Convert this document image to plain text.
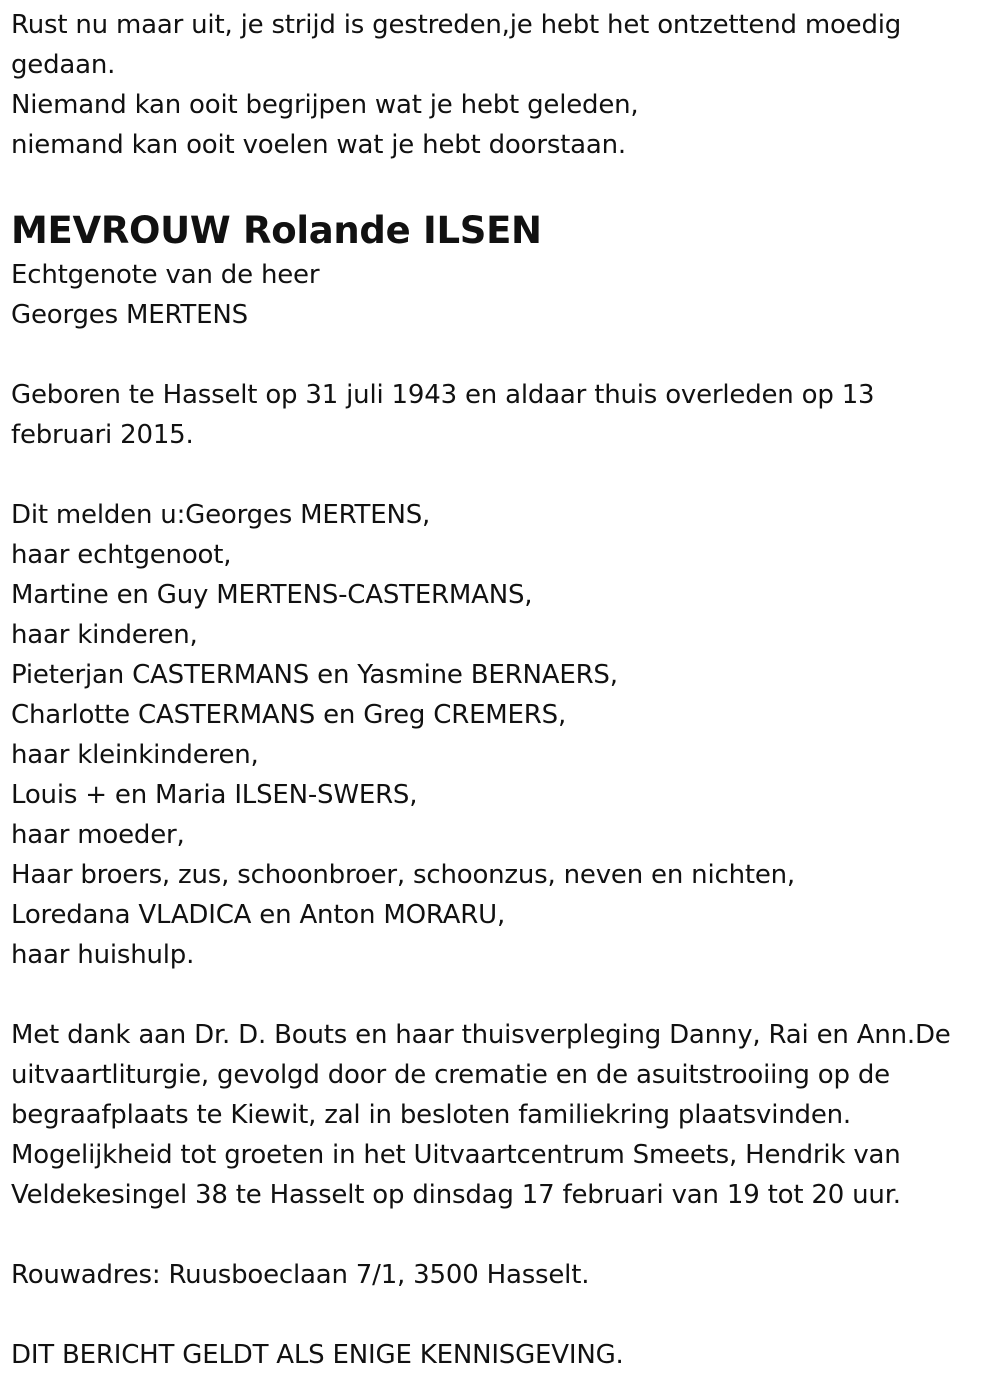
Rust nu maar uit, je strijd is gestreden,je hebt het ontzettend moedig
gedaan.
Niemand kan ooit begrijpen wat je hebt geleden,
niemand kan ooit voelen wat je hebt doorstaan.
MEVROUW Rolande ILSEN
Echtgenote van de heer
Georges MERTENS
Geboren te Hasselt op 31 juli 1943 en aldaar thuis overleden op 13
februari 2015.
Dit melden u:Georges MERTENS,
haar echtgenoot,
Martine en Guy MERTENS-CASTERMANS,
haar kinderen,
Pieterjan CASTERMANS en Yasmine BERNAERS,
Charlotte CASTERMANS en Greg CREMERS,
haar kleinkinderen,
Louis + en Maria ILSEN-SWERS,
haar moeder,
Haar broers, zus, schoonbroer, schoonzus, neven en nichten,
Loredana VLADICA en Anton MORARU,
haar huishulp.
Met dank aan Dr. D. Bouts en haar thuisverpleging Danny, Rai en Ann.De
uitvaartliturgie, gevolgd door de crematie en de asuitstrooiing op de
begraafplaats te Kiewit, zal in besloten familiekring plaatsvinden.
Mogelijkheid tot groeten in het Uitvaartcentrum Smeets, Hendrik van
Veldekesingel 38 te Hasselt op dinsdag 17 februari van 19 tot 20 uur.
Rouwadres: Ruusboeclaan 7/1, 3500 Hasselt.
DIT BERICHT GELDT ALS ENIGE KENNISGEVING.
